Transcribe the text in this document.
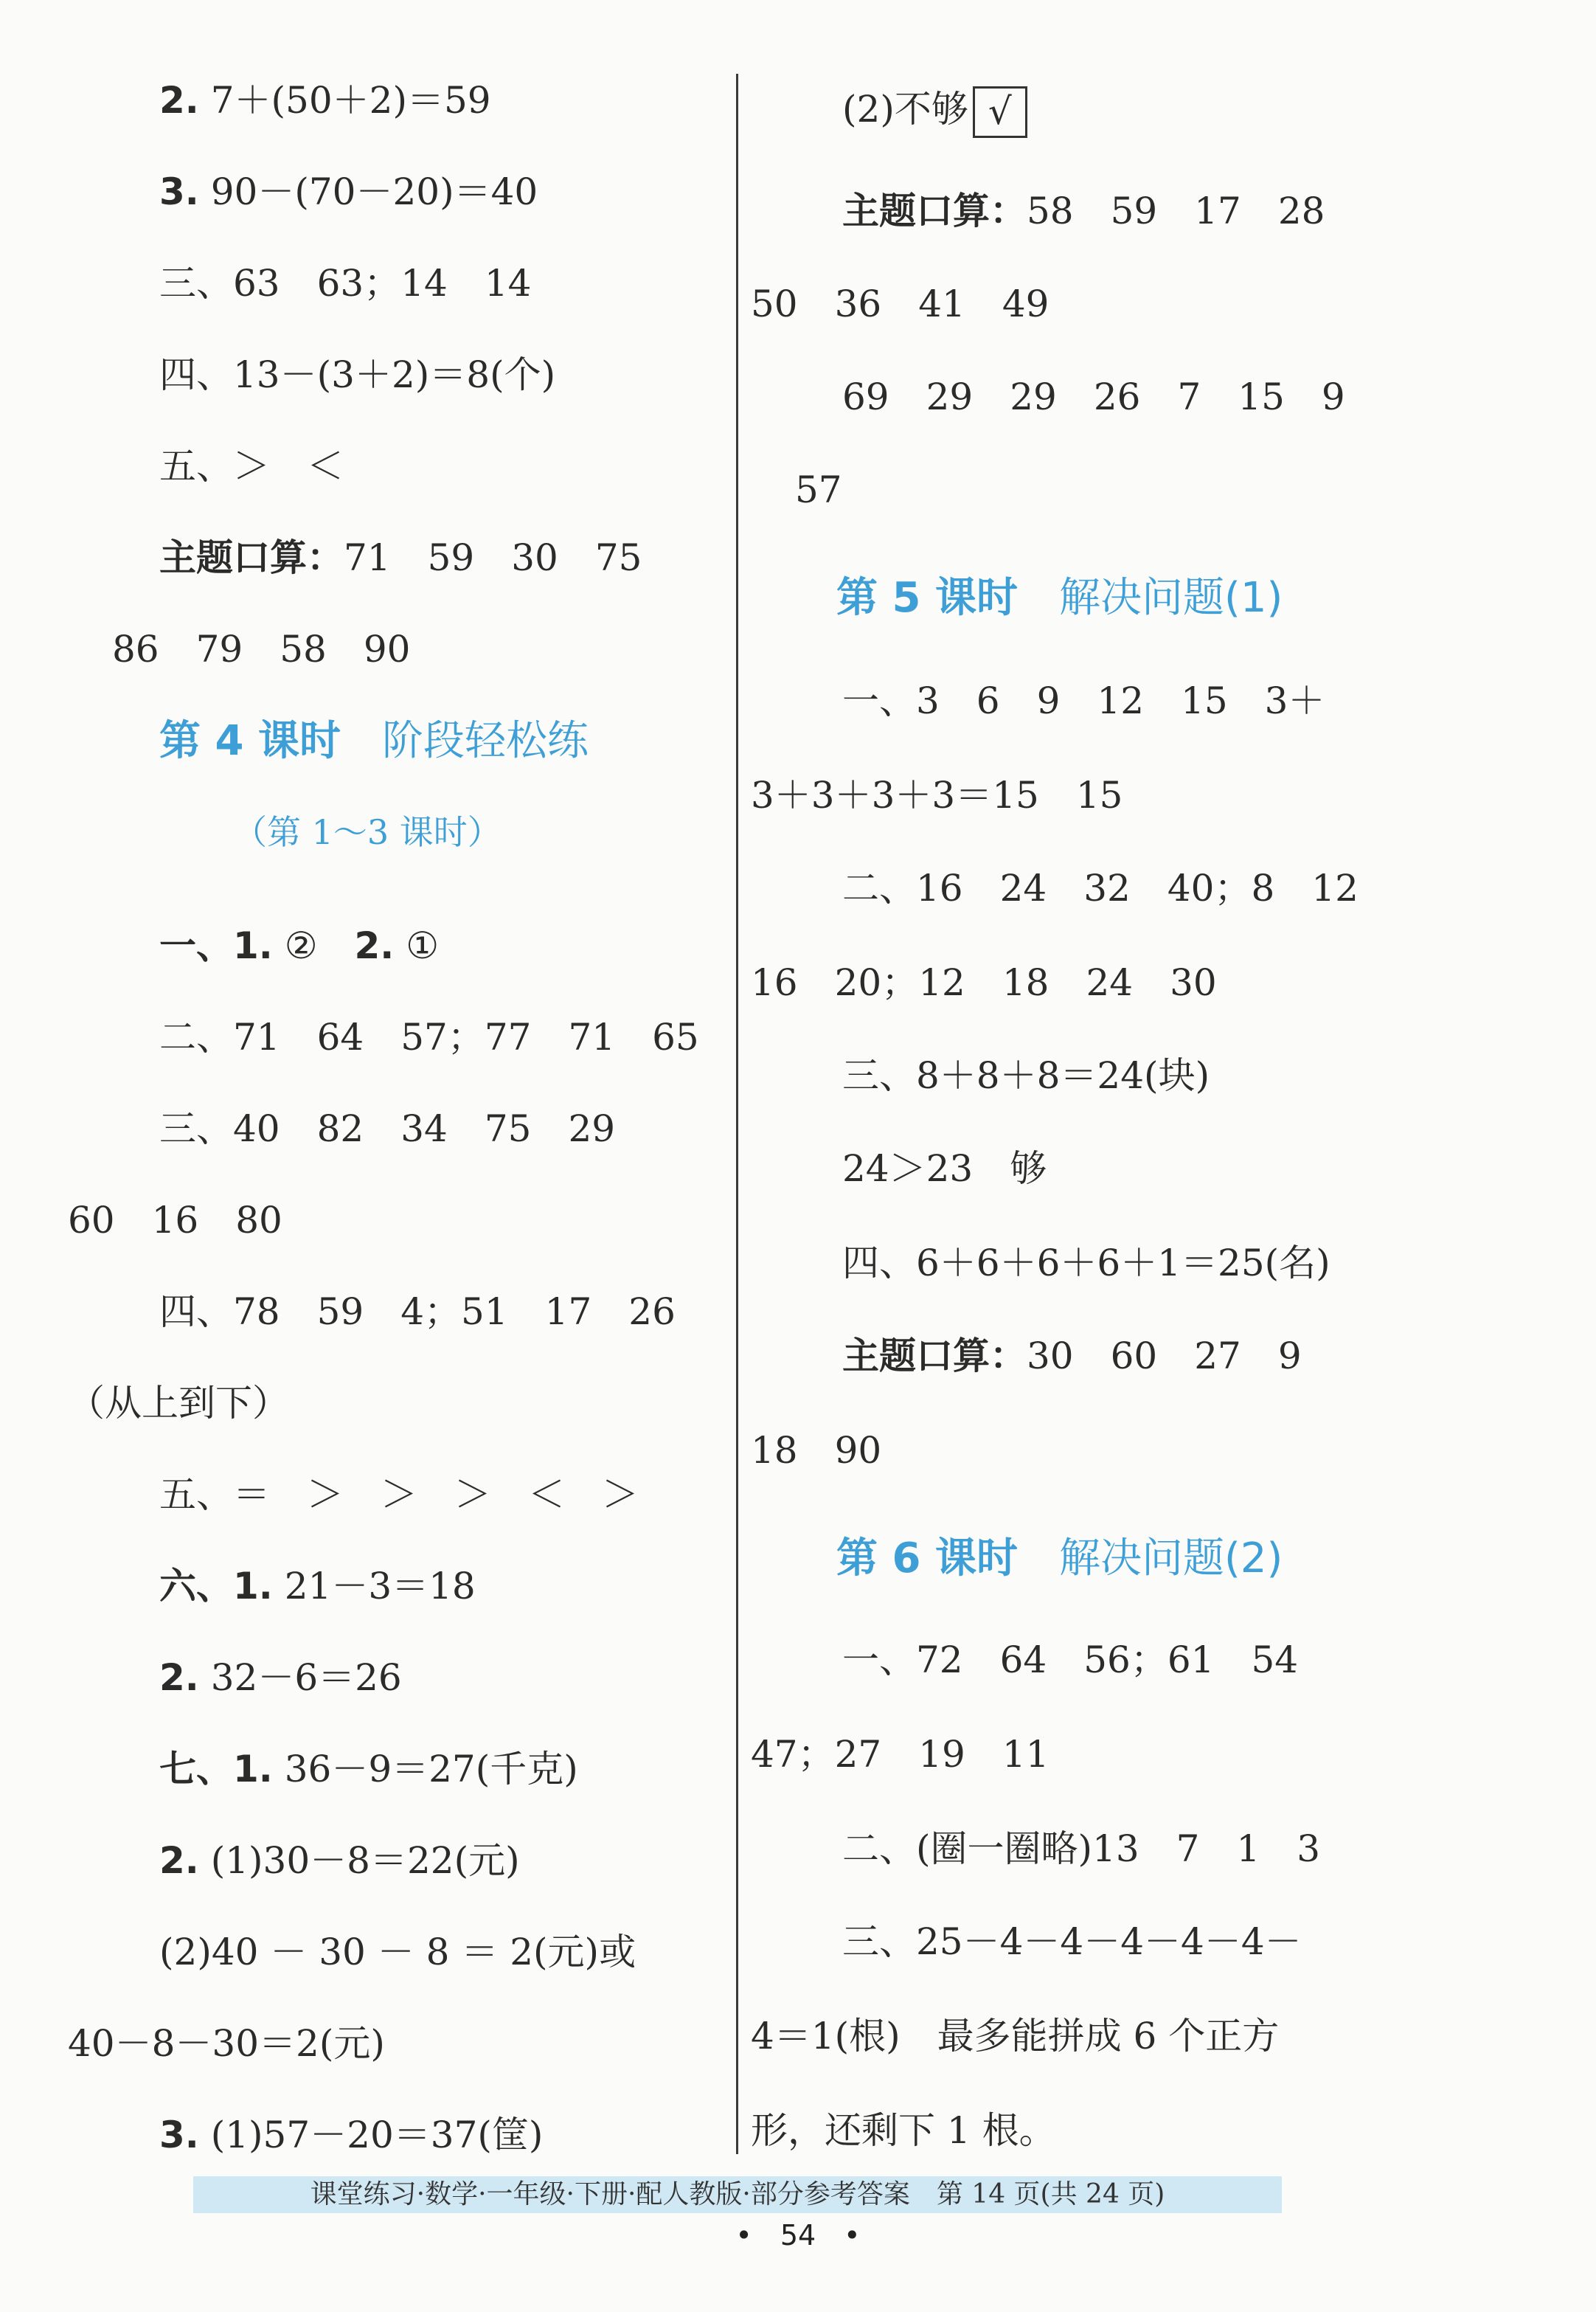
2. 7＋(50＋2)＝59
3. 90－(70－20)＝40
三、63　63；14　14
四、13－(3＋2)＝8(个)
五、＞　＜
主题口算：71　59　30　75
86　79　58　90
第 4 课时　 阶段轻松练
（第 1～3 课时）
一、1. ②　2. ①
二、71　64　57；77　71　65
三、40　82　34　75　29
60　16　80
四、78　59　4；51　17　26
（从上到下）
五、＝　＞　＞　＞　＜　＞
六、1. 21－3＝18
2. 32－6＝26
七、1. 36－9＝27(千克)
2. (1)30－8＝22(元)
(2)40 － 30 － 8 ＝ 2(元)或
40－8－30＝2(元)
3. (1)57－20＝37(筐)
(2)不够 √
主题口算：58　59　17　28
50　36　41　49
69　29　29　26　7　15　9
57
第 5 课时　 解决问题(1)
一、3　6　9　12　15　3＋
3＋3＋3＋3＝15　15
二、16　24　32　40；8　12
16　20；12　18　24　30
三、8＋8＋8＝24(块)
24＞23　够
四、6＋6＋6＋6＋1＝25(名)
主题口算：30　60　27　9
18　90
第 6 课时　 解决问题(2)
一、72　64　56；61　54
47；27　19　11
二、(圈一圈略)13　7　1　3
三、25－4－4－4－4－4－
4＝1(根)　最多能拼成 6 个正方
形，还剩下 1 根。
课堂练习·数学·一年级·下册·配人教版·部分参考答案　第 14 页(共 24 页)
•　54　•
